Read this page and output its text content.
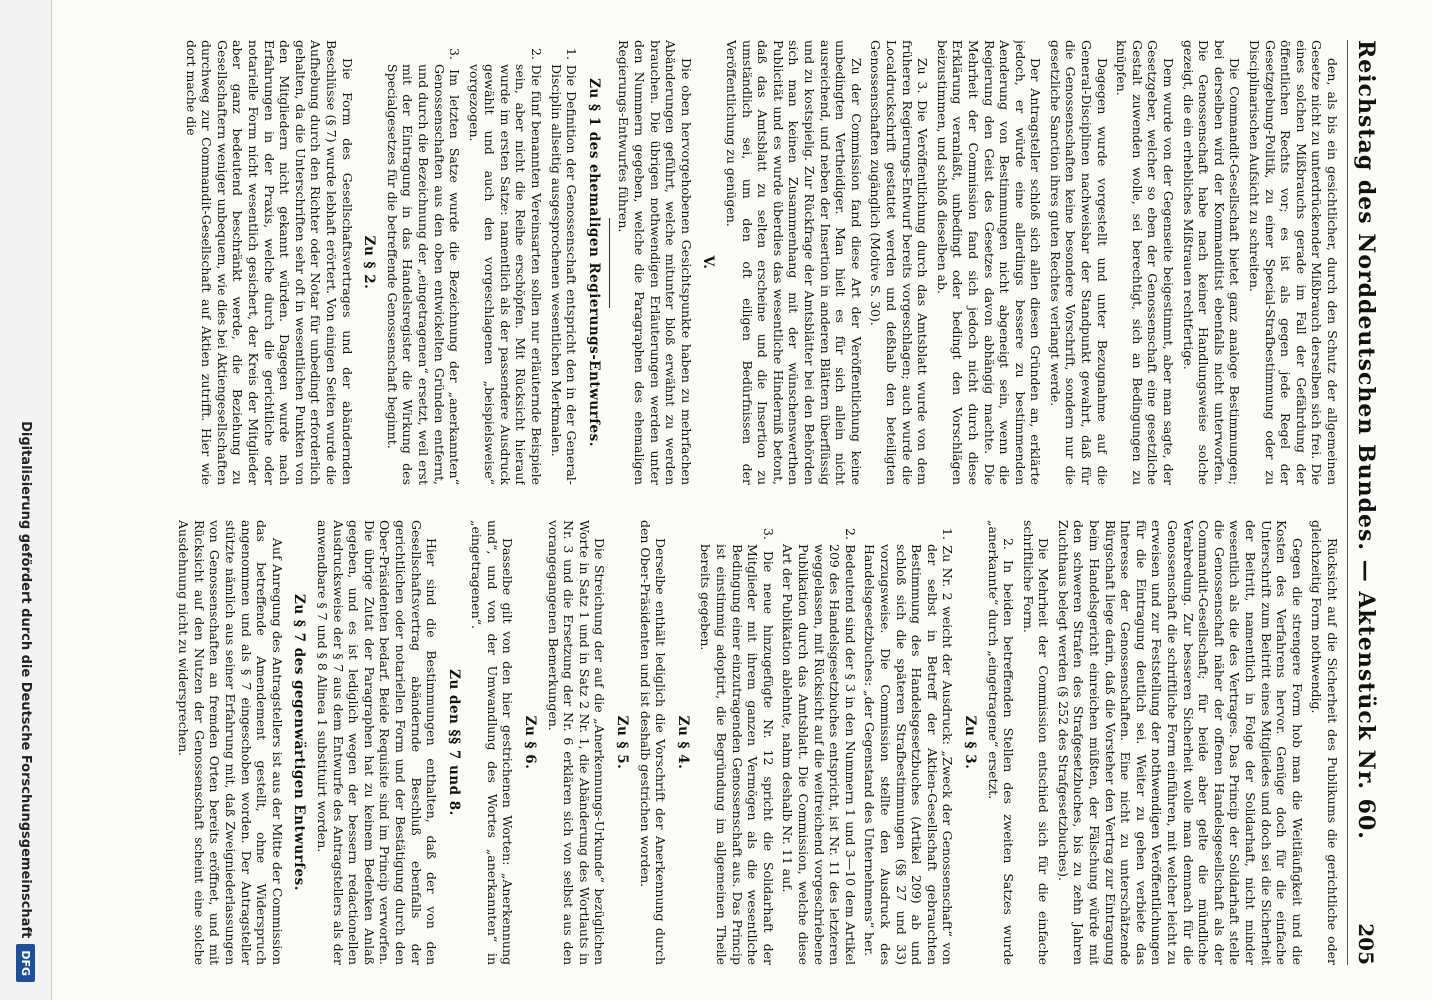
Reichstag des Norddeutschen Bundes. — Aktenstück Nr. 60.
205

den, als bis ein gesichtlicher, durch den Schutz der allgemeinen Gesetze nicht zu unterdrückender Mißbrauch derselben sich frei. Die eines solchen Mißbrauchs gerade im Fall der Gefährdung der öffentlichen Rechts vor; es ist als gegen jede Regel der Gesetzgebung-Politik, zu einer Special-Strafbestimmung oder zu Disciplinarischen Aufsicht zu schreiten.

Die Commandit-Gesellschaft bietet ganz analoge Bestimmungen; bei derselben wird der Kommanditist ebenfalls nicht unterworfen. Die Genossenschaft habe nach keiner Handlungsweise solche gezeigt, die ein erhebliches Mißtrauen rechtfertige.

Dem wurde von der Gegenseite beigestimmt, aber man sagte, der Gesetzgeber, welcher so eben der Genossenschaft eine gesetzliche Gestalt zuwenden wolle, sei berechtigt, sich an Bedingungen zu knüpfen.

Dagegen wurde vorgestellt und unter Bezugnahme auf die General-Disciplinen nachweisbar der Standpunkt gewahrt, daß für die Genossenschaften keine besondere Vorschrift, sondern nur die gesetzliche Sanction ihres guten Rechtes verlangt werde.

Der Antragsteller schloß sich allen diesen Gründen an, erklärte jedoch, er würde eine allerdings bessere zu bestimmenden Aenderung von Bestimmungen nicht abgeneigt sein, wenn die Regierung den Geist des Gesetzes davon abhängig machte. Die Mehrheit der Commission fand sich jedoch nicht durch diese Erklärung veranlaßt, unbedingt oder bedingt den Vorschlägen beizustimmen, und schloß dieselben ab.

Zu 3. Die Veröffentlichung durch das Amtsblatt wurde von dem früheren Regierungs-Entwurf bereits vorgeschlagen; auch wurde die Localdruckschrift gestattet werden und deßhalb den beteiligten Genossenschaften zugänglich (Motive S. 30).

Zu der Commission fand diese Art der Veröffentlichung keine unbedingten Vertheidiger. Man hielt es für sich allein nicht ausreichend, und neben der Insertion in anderen Blättern überflüssig und zu kostspielig. Zur Rückfrage der Amtsblätter bei den Behörden sich man keinen Zusammenhang mit der wünschenswerthen Publicität und es wurde überdies das wesentliche Hinderniß betont, daß das Amtsblatt zu selten erscheine und die Insertion zu umständlich sei, um den oft eiligen Bedürfnissen der Veröffentlichung zu genügen.

V.

Die oben hervorgehobenen Gesichtspunkte haben zu mehrfachen Abänderungen geführt, welche mitunter bloß erwähnt zu werden brauchen. Die übrigen nothwendigen Erläuterungen werden unter den Nummern gegeben, welche die Paragraphen des ehemaligen Regierungs-Entwurfes führen.

Zu § 1 des ehemaligen Regierungs-Entwurfes.
1. Die Definition der Genossenschaft entspricht den in der General-Disciplin allseitig ausgesprochenen wesentlichen Merkmalen.
2. Die fünf benannten Vereinsarten sollen nur erläuternde Beispiele sein, aber nicht die Reihe erschöpfen. Mit Rücksicht hierauf wurde im ersten Satze: namentlich als der passendere Ausdruck gewählt und auch den vorgeschlagenen „beispielsweise“ vorgezogen.
3. Im letzten Satze wurde die Bezeichnung der „anerkannten“ Genossenschaften aus den oben entwickelten Gründen entfernt, und durch die Bezeichnung der „eingetragenen“ ersetzt, weil erst mit der Eintragung in das Handelsregister die Wirkung des Specialgesetzes für die betreffende Genossenschaft beginnt.
Zu § 2.

Die Form des Gesellschaftsvertrages und der abändernden Beschlüsse (§ 7) wurde lebhaft erörtert. Von einigen Seiten wurde die Aufhebung durch den Richter oder Notar für unbedingt erforderlich gehalten, da die Unterschriften sehr oft in wesentlichen Punkten von den Mitgliedern nicht gekannt würden. Dagegen wurde nach Erfahrungen in der Praxis, welche durch die gerichtliche oder notarielle Form nicht wesentlich gesichert, der Kreis der Mitglieder aber ganz bedeutend beschränkt werde, die Beziehung zu Gesellschaftern weniger unbequem, wie dies bei Aktiengesellschaften durchweg zur Commandit-Gesellschaft auf Aktien zutrifft. Hier wie dort mache die

Rücksicht auf die Sicherheit des Publikums die gerichtliche oder gleichzeitig Form nothwendig.

Gegen die strengere Form hob man die Weitläufigkeit und die Kosten des Verfahrens hervor. Genüge doch für die einfache Unterschrift zum Beitritt eines Mitgliedes und doch sei die Sicherheit der Beitritt, namentlich in Folge der Solidarhaft, nicht minder wesentlich als die des Vertrages. Das Princip der Solidarhaft stelle die Genossenschaft näher der offenen Handelsgesellschaft als der Commandit-Gesellschaft; für beide aber gelte die mündliche Verabredung. Zur besseren Sicherheit wolle man demnach für die Genossenschaft die schriftliche Form einführen, mit welcher leicht zu erweisen und zur Feststellung der nothwendigen Veröffentlichungen für die Eintragung deutlich sei. Weiter zu gehen verbiete das Interesse der Genossenschaften. Eine nicht zu unterschätzende Bürgschaft liege darin, daß die Vorsteher den Vertrag zur Eintragung beim Handelsgericht einreichen müßten, der Fälschung würde mit den schweren Strafen des Strafgesetzbuches, bis zu zehn Jahren Zuchthaus belegt werden (§ 252 des Strafgesetzbuches).

Die Mehrheit der Commission entschied sich für die einfache schriftliche Form.

2. In beiden betreffenden Stellen des zweiten Satzes wurde „anerkannte“ durch „eingetragene“ ersetzt.

Zu § 3.
1. Zu Nr. 2 weicht der Ausdruck: „Zweck der Genossenschaft“ von der selbst in Betreff der Aktien-Gesellschaft gebrauchten Bestimmung des Handelsgesetzbuches (Artikel 209) ab und schloß sich die späteren Strafbestimmungen (§§ 27 und 33) vorzugsweise. Die Commission stellte den Ausdruck des Handelsgesetzbuches: „der Gegenstand des Unternehmens“ her.
2. Bedeutend sind der § 3 in den Nummern 1 und 3—10 dem Artikel 209 des Handelsgesetzbuches entspricht, ist Nr. 11 des letzteren weggelassen, mit Rücksicht auf die weitreichend vorgeschriebene Publikation durch das Amtsblatt. Die Commission, welche diese Art der Publikation ablehnte, nahm deshalb Nr. 11 auf.
3. Die neue hinzugefügte Nr. 12 spricht die Solidarhaft der Mitglieder mit ihrem ganzen Vermögen als die wesentliche Bedingung einer einzutragenden Genossenschaft aus. Das Princip ist einstimmig adoptirt, die Begründung im allgemeinen Theile bereits gegeben.
Zu § 4.

Derselbe enthält lediglich die Vorschrift der Anerkennung durch den Ober-Präsidenten und ist deshalb gestrichen worden.

Zu § 5.

Die Streichung der auf die „Anerkennungs-Urkunde“ bezüglichen Worte in Satz 1 und in Satz 2 Nr. 1, die Abänderung des Wortlauts in Nr. 3 und die Ersetzung der Nr. 6 erklären sich von selbst aus den vorangegangenen Bemerkungen.

Zu § 6.

Dasselbe gilt von den hier gestrichenen Worten: „Anerkennung und“, und von der Umwandlung des Wortes „anerkannten“ in „eingetragenen“.

Zu den §§ 7 und 8.

Hier sind die Bestimmungen enthalten, daß der von den Gesellschaftsvertrag abändernde Beschluß ebenfalls der gerichtlichen oder notariellen Form und der Bestätigung durch den Ober-Präsidenten bedarf. Beide Requisite sind im Princip verworfen. Die übrige Zutat der Paragraphen hat zu keinem Bedenken Anlaß gegeben, und es ist lediglich wegen der bessern redactionellen Ausdrucksweise der § 7 aus dem Entwurfe des Antragstellers als der anwendbare § 7 und § 8 Alinea 1 substituirt worden.

Zu § 7 des gegenwärtigen Entwurfes.

Auf Anregung des Antragstellers ist aus der Mitte der Commission das betreffende Amendement gestellt, ohne Widerspruch angenommen und als § 7 eingeschoben worden. Der Antragsteller stützte nämlich aus seiner Erfahrung mit, daß Zweigniederlassungen von Genossenschaften an fremden Orten bereits eröffnet, und mit Rücksicht auf den Nutzen der Genossenschaft scheint eine solche Ausdehnung nicht zu widersprechen.

Digitalisierung gefördert durch die Deutsche Forschungsgemeinschaft
DFG
